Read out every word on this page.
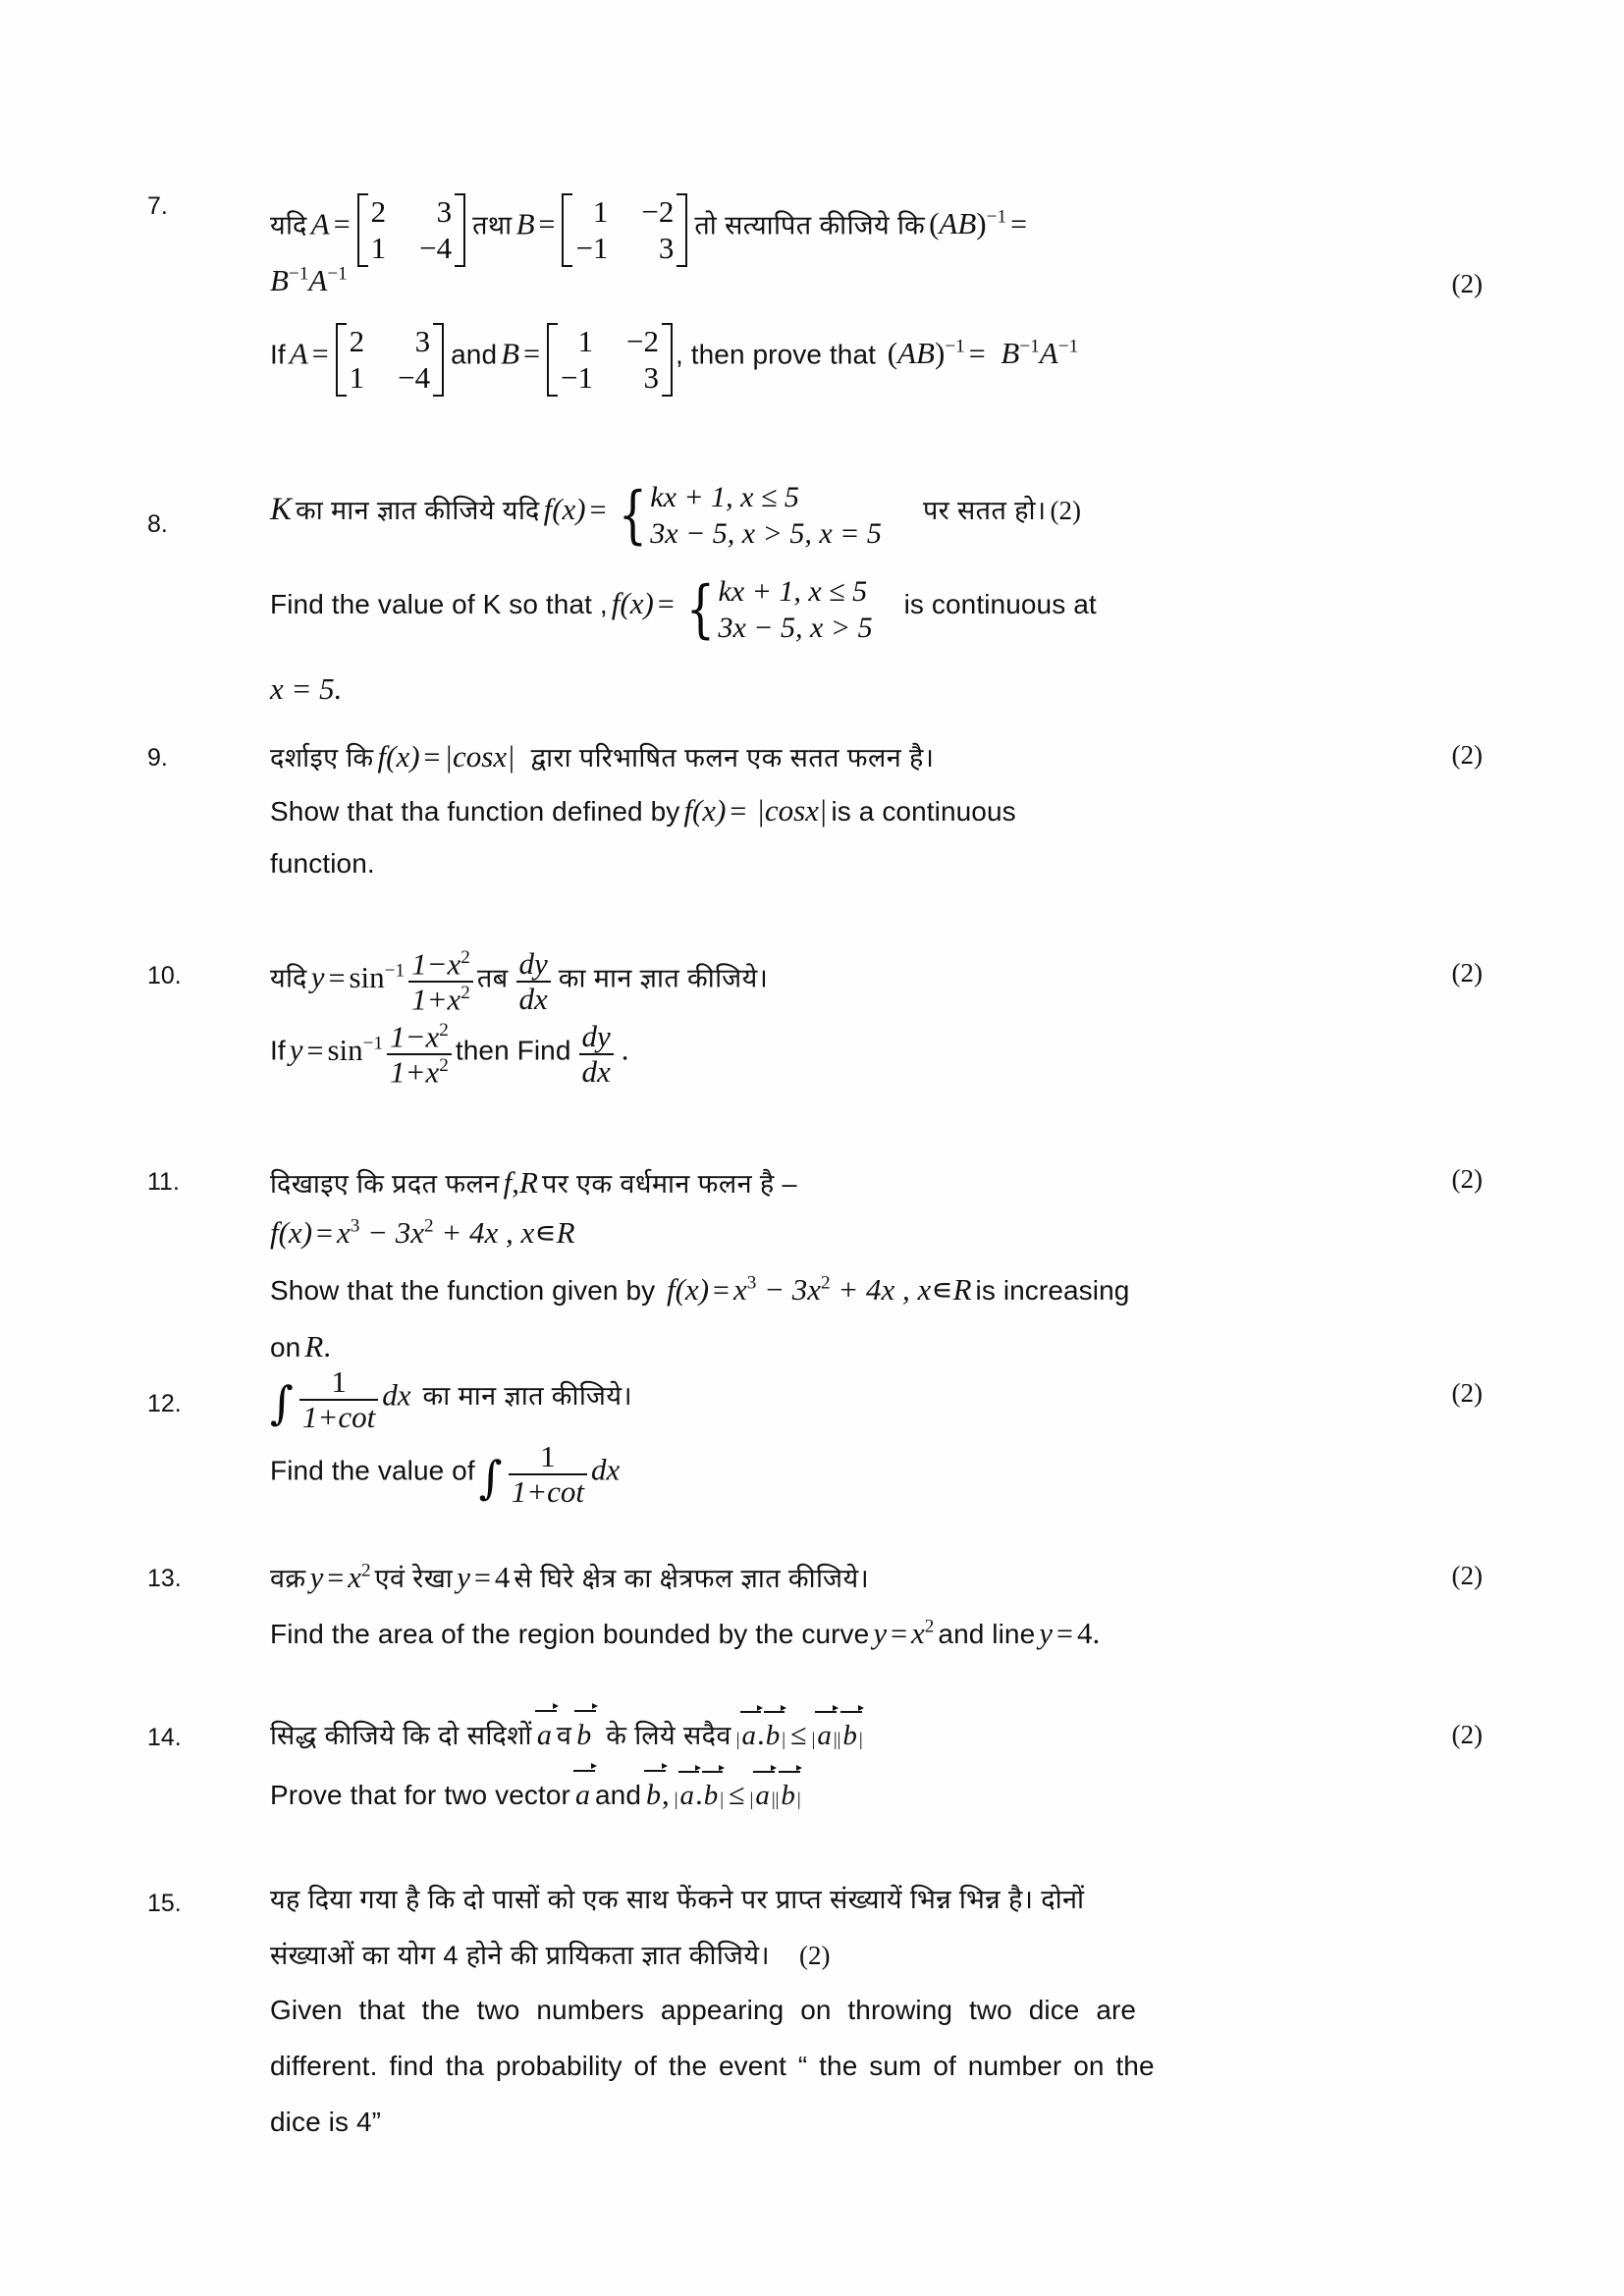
7.
यदि A = 2	3
1 −4
तथा B =	1 −2
−1	3
तो सत्यापित कीजिये कि (AB)$^{-1}$ =
$B^{-1}A^{-1}$	(2)
If A = 2	3
1 −4
and B =	1 −2
−1	3
, then prove that  $(AB)^{-1} = B^{-1}A^{-1}$
8.	K का मान ज्ञात कीजिये यदि f(x) = { kx + 1, x ≤ 5
3x − 5, x > 5, x = 5
पर सतत हो। (2)
Find the value of K so that , f(x) = { kx + 1, x ≤ 5
3x − 5, x > 5
is continuous at
x = 5.
9.	दर्शाइए कि f(x) = |cosx| द्वारा परिभाषित फलन एक सतत फलन है।	(2)
Show that tha function defined by f(x) = |cosx| is a continuous
function.
10.	यदि $y = \sin^{-1} \frac{1-x^2}{1+x^2}$ तब $\frac{dy}{dx}$ का मान ज्ञात कीजिये।	(2)
If $y = \sin^{-1} \frac{1-x^2}{1+x^2}$ then Find $\frac{dy}{dx}$ .
11.	दिखाइए कि प्रदत फलन f,R पर एक वर्धमान फलन है –	(2)
$f(x) = x^3 - 3x^2 + 4x$ , x∊R
Show that the function given by  $f(x) = x^3 - 3x^2 + 4x$ , x∊R is increasing
on R.
12.	∫ $\frac{1}{1+\cot}$ dx का मान ज्ञात कीजिये।	(2)
Find the value of ∫ $\frac{1}{1+\cot}$ dx
13.	वक्र $y = x^2$ एवं रेखा y = 4 से घिरे क्षेत्र का क्षेत्रफल ज्ञात कीजिये।	(2)
Find the area of the region bounded by the curve $y = x^2$ and line y = 4.
14.	सिद्ध कीजिये कि दो सदिशों a व b के लिये सदैव |a
.b | ≤ |a ||b |	(2)
Prove that for two vector a and b
, |a
.b | ≤ |a ||b |
15.	यह दिया गया है कि दो पासों को एक साथ फेंकने पर प्राप्त संख्यायें भिन्न भिन्न है। दोनों
संख्याओं का योग 4 होने की प्रायिकता ज्ञात कीजिये। (2)
Given that the two numbers appearing on throwing two dice are
different. find tha probability of the event “ the sum of number on the
dice is 4”
